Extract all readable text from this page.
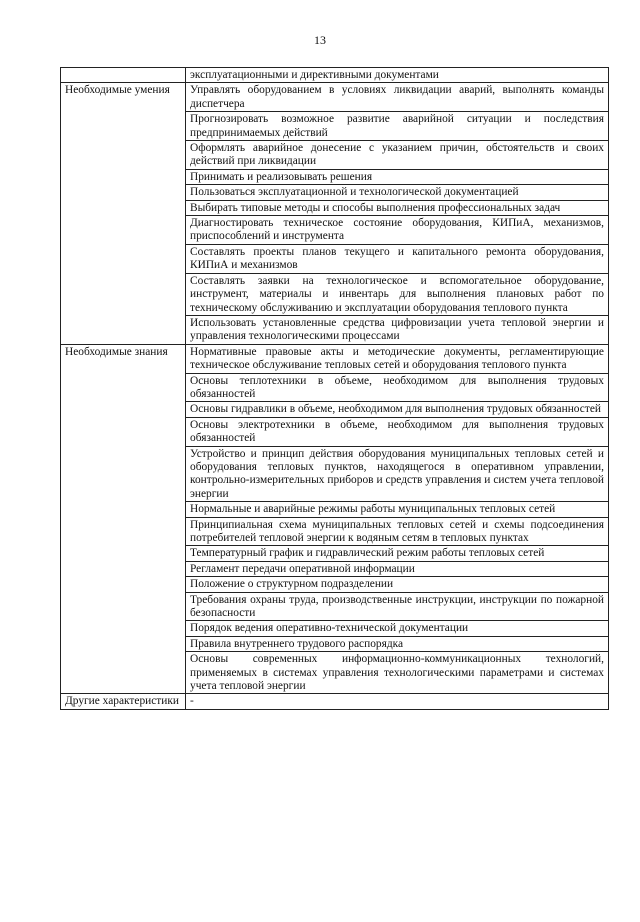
13
	эксплуатационными и директивными документами
Необходимые умения	Управлять оборудованием в условиях ликвидации аварий, выполнять команды диспетчера
	Прогнозировать возможное развитие аварийной ситуации и последствия предпринимаемых действий
	Оформлять аварийное донесение с указанием причин, обстоятельств и своих действий при ликвидации
	Принимать и реализовывать решения
	Пользоваться эксплуатационной и технологической документацией
	Выбирать типовые методы и способы выполнения профессиональных задач
	Диагностировать техническое состояние оборудования, КИПиА, механизмов, приспособлений и инструмента
	Составлять проекты планов текущего и капитального ремонта оборудования, КИПиА и механизмов
	Составлять заявки на технологическое и вспомогательное оборудование, инструмент, материалы и инвентарь для выполнения плановых работ по техническому обслуживанию и эксплуатации оборудования теплового пункта
	Использовать установленные средства цифровизации учета тепловой энергии и управления технологическими процессами
Необходимые знания	Нормативные правовые акты и методические документы, регламентирующие техническое обслуживание тепловых сетей и оборудования теплового пункта
	Основы теплотехники в объеме, необходимом для выполнения трудовых обязанностей
	Основы гидравлики в объеме, необходимом для выполнения трудовых обязанностей
	Основы электротехники в объеме, необходимом для выполнения трудовых обязанностей
	Устройство и принцип действия оборудования муниципальных тепловых сетей и оборудования тепловых пунктов, находящегося в оперативном управлении, контрольно-измерительных приборов и средств управления и систем учета тепловой энергии
	Нормальные и аварийные режимы работы муниципальных тепловых сетей
	Принципиальная схема муниципальных тепловых сетей и схемы подсоединения потребителей тепловой энергии к водяным сетям в тепловых пунктах
	Температурный график и гидравлический режим работы тепловых сетей
	Регламент передачи оперативной информации
	Положение о структурном подразделении
	Требования охраны труда, производственные инструкции, инструкции по пожарной безопасности
	Порядок ведения оперативно-технической документации
	Правила внутреннего трудового распорядка
	Основы современных информационно-коммуникационных технологий, применяемых в системах управления технологическими параметрами и системах учета тепловой энергии
Другие характеристики	-
